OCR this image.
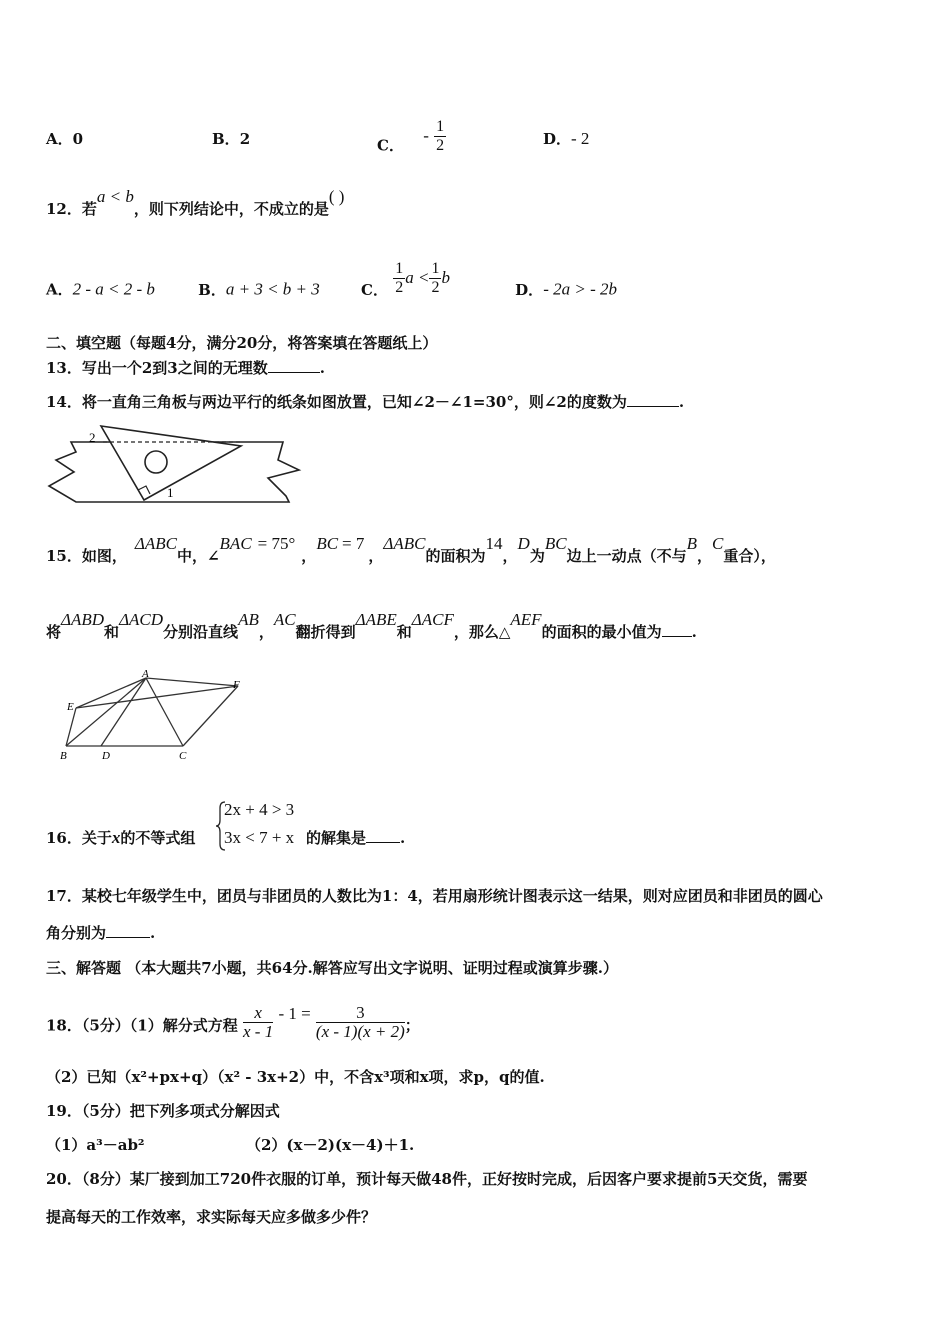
A．0	B．2	C． - $\frac{1}{2}$	D．- 2
12．若a < b，则下列结论中，不成立的是( )
A．2 - a < 2 - b	B．a + 3 < b + 3	C． $\frac{1}{2}$ $a < \frac{1}{2}$ b D．- 2a > - 2b
二、填空题（每题4分，满分20分，将答案填在答题纸上）
13．写出一个2到3之间的无理数	.
14．将一直角三角板与两边平行的纸条如图放置，已知∠2－∠1=30°，则∠2的度数为	.
2
1
15．如图，ΔABC中，∠BAC = 75°，BC = 7，ΔABC的面积为14，D为BC边上一动点（不与B，C重合），
将ΔABD和ΔACD分别沿直线AB，AC翻折得到ΔABE和ΔACF，那么△AEF的面积的最小值为 .
A
E
F
B	D	C
16．关于x的不等式组
2x + 4 > 3
3x < 7 + x 的解集是 .
17．某校七年级学生中，团员与非团员的人数比为1：4，若用扇形统计图表示这一结果，则对应团员和非团员的圆心
角分别为	.
三、解答题 （本大题共7小题，共64分.解答应写出文字说明、证明过程或演算步骤.）
18．（5分）（1）解分式方程 $\frac{x}{x - 1} - 1 = \frac{3}{(x - 1)(x + 2)}$ ；
（2）已知（x²+px+q）（x² - 3x+2）中，不含x³项和x项，求p，q的值.
19．（5分）把下列多项式分解因式
（1）a³－ab²	（2）(x－2)(x－4)＋1.
20．（8分）某厂接到加工720件衣服的订单，预计每天做48件，正好按时完成，后因客户要求提前5天交货，需要
提高每天的工作效率，求实际每天应多做多少件？
